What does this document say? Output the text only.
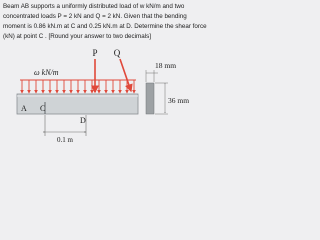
Beam AB supports a uniformly distributed load of w kN/m and two
concentrated loads P = 2 kN and Q = 2 kN. Given that the bending
moment is 0.86 kN.m at C and 0.25 kN.m at D. Determine the shear force
(kN) at point C . [Round your answer to two decimals]

P Q
ω kN/m
A C
D
0.1 m
18 mm
36 mm
